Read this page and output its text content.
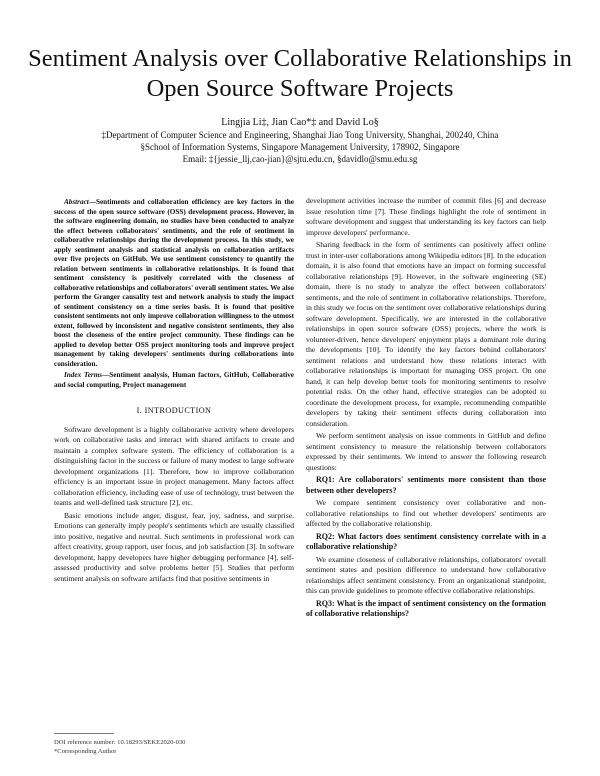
Sentiment Analysis over Collaborative Relationships in Open Source Software Projects
Lingjia Li‡, Jian Cao*‡ and David Lo§
‡Department of Computer Science and Engineering, Shanghai Jiao Tong University, Shanghai, 200240, China
§School of Information Systems, Singapore Management University, 178902, Singapore
Email: ‡{jessie_llj,cao-jian}@sjtu.edu.cn, §davidlo@smu.edu.sg

Abstract—Sentiments and collaboration efficiency are key factors in the success of the open source software (OSS) development process. However, in the software engineering domain, no studies have been conducted to analyze the effect between collaborators' sentiments, and the role of sentiment in collaborative relationships during the development process. In this study, we apply sentiment analysis and statistical analysis on collaboration artifacts over five projects on GitHub. We use sentiment consistency to quantify the relation between sentiments in collaborative relationships. It is found that sentiment consistency is positively correlated with the closeness of collaborative relationships and collaborators' overall sentiment states. We also perform the Granger causality test and network analysis to study the impact of sentiment consistency on a time series basis. It is found that positive consistent sentiments not only improve collaboration willingness to the utmost extent, followed by inconsistent and negative consistent sentiments, they also boost the closeness of the entire project community. These findings can be applied to develop better OSS project monitoring tools and improve project management by taking developers' sentiments during collaborations into consideration.

Index Terms—Sentiment analysis, Human factors, GitHub, Collaborative and social computing, Project management

I. INTRODUCTION

Software development is a highly collaborative activity where developers work on collaborative tasks and interact with shared artifacts to create and maintain a complex software system. The efficiency of collaboration is a distinguishing factor in the success or failure of many modest to large software development organizations [1]. Therefore, how to improve collaboration efficiency is an important issue in project management. Many factors affect collaboration efficiency, including ease of use of technology, trust between the teams and well-defined task structure [2], etc.

Basic emotions include anger, disgust, fear, joy, sadness, and surprise. Emotions can generally imply people's sentiments which are usually classified into positive, negative and neutral. Such sentiments in professional work can affect creativity, group rapport, user focus, and job satisfaction [3]. In software development, happy developers have higher debugging performance [4], self-assessed productivity and solve problems better [5]. Studies that perform sentiment analysis on software artifacts find that positive sentiments in

development activities increase the number of commit files [6] and decrease issue resolution time [7]. These findings highlight the role of sentiment in software development and suggest that understanding its key factors can help improve developers' performance.

Sharing feedback in the form of sentiments can positively affect online trust in inter-user collaborations among Wikipedia editors [8]. In the education domain, it is also found that emotions have an impact on forming successful collaborative relationships [9]. However, in the software engineering (SE) domain, there is no study to analyze the effect between collaborators' sentiments, and the role of sentiment in collaborative relationships. Therefore, in this study we focus on the sentiment over collaborative relationships during software development. Specifically, we are interested in the collaborative relationships in open source software (OSS) projects, where the work is volunteer-driven, hence developers' enjoyment plays a dominant role during the developments [10]. To identify the key factors behind collaborators' sentiment relations and understand how these relations interact with collaborative relationships is important for managing OSS project. On one hand, it can help develop better tools for monitoring sentiments to resolve potential risks. On the other hand, effective strategies can be adopted to coordinate the development process, for example, recommending compatible developers by taking their sentiment effects during collaboration into consideration.

We perform sentiment analysis on issue comments in GitHub and define sentiment consistency to measure the relationship between collaborators expressed by their sentiments. We intend to answer the following research questions:

RQ1: Are collaborators' sentiments more consistent than those between other developers?

We compare sentiment consistency over collaborative and non-collaborative relationships to find out whether developers' sentiments are affected by the collaborative relationship.

RQ2: What factors does sentiment consistency correlate with in a collaborative relationship?

We examine closeness of collaborative relationships, collaborators' overall sentiment states and position difference to understand how collaborative relationships affect sentiment consistency. From an organizational standpoint, this can provide guidelines to promote effective collaborative relationships.

RQ3: What is the impact of sentiment consistency on the formation of collaborative relationships?

DOI reference number: 10.18293/SEKE2020-030
*Corresponding Author
